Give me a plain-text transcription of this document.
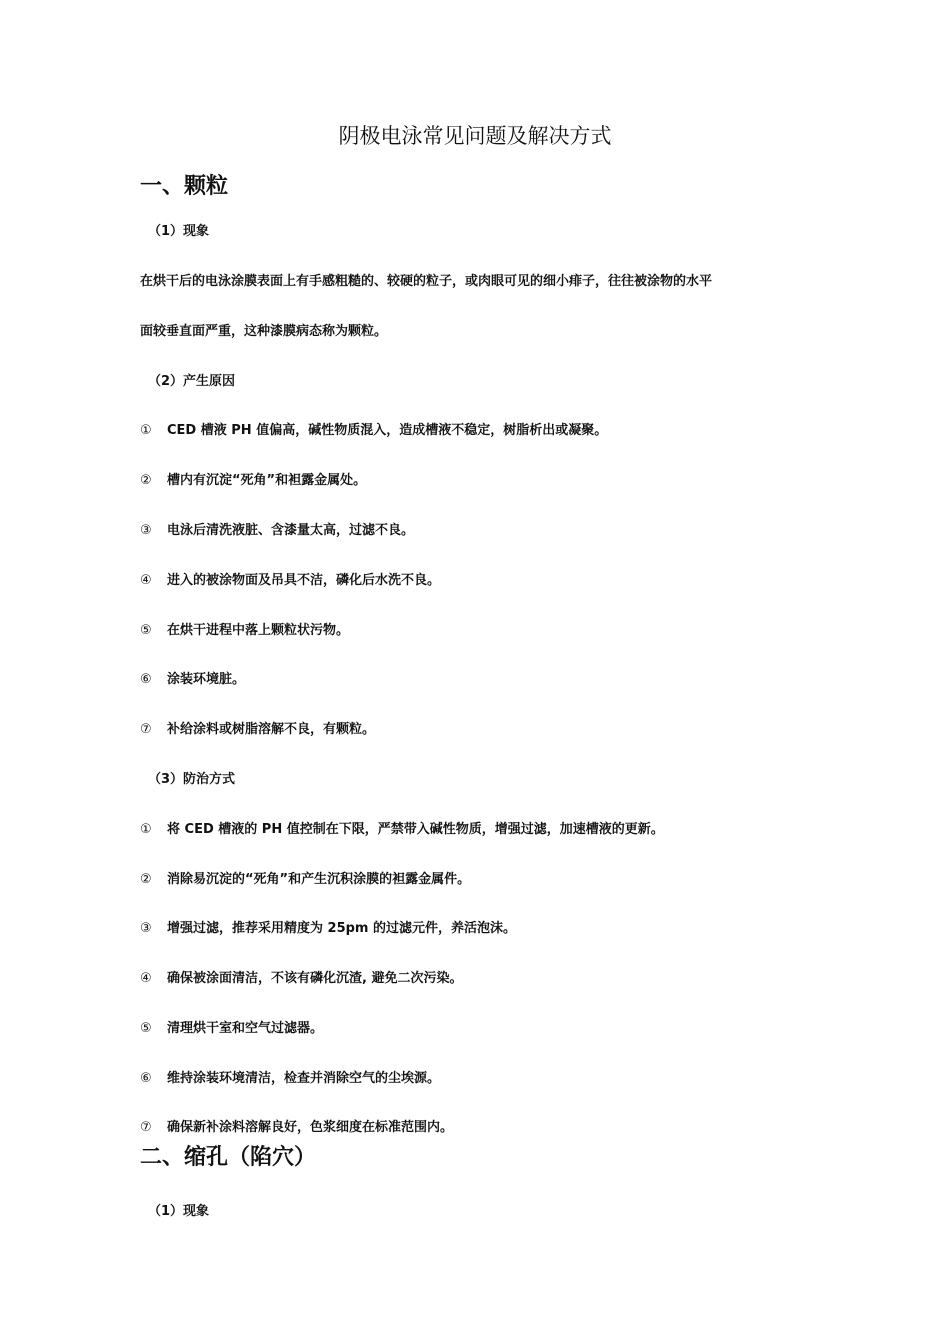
阴极电泳常见问题及解决方式
一、颗粒
（1）现象

在烘干后的电泳涂膜表面上有手感粗糙的、较硬的粒子，或肉眼可见的细小痱子，往往被涂物的水平

面较垂直面严重，这种漆膜病态称为颗粒。

（2）产生原因
① CED 槽液 PH 值偏高，碱性物质混入，造成槽液不稳定，树脂析出或凝聚。
② 槽内有沉淀“死角”和袒露金属处。
③ 电泳后清洗液脏、含漆量太高，过滤不良。
④ 进入的被涂物面及吊具不洁，磷化后水洗不良。
⑤ 在烘干进程中落上颗粒状污物。
⑥ 涂装环境脏。
⑦ 补给涂料或树脂溶解不良，有颗粒。
（3）防治方式
① 将 CED 槽液的 PH 值控制在下限，严禁带入碱性物质，增强过滤，加速槽液的更新。
② 消除易沉淀的“死角”和产生沉积涂膜的袒露金属件。
③ 增强过滤，推荐采用精度为 25pm 的过滤元件，养活泡沫。
④ 确保被涂面清洁，不该有磷化沉渣, 避免二次污染。
⑤ 清理烘干室和空气过滤器。
⑥ 维持涂装环境清洁，检查并消除空气的尘埃源。
⑦ 确保新补涂料溶解良好，色浆细度在标准范围内。
二、缩孔（陷穴）
（1）现象
